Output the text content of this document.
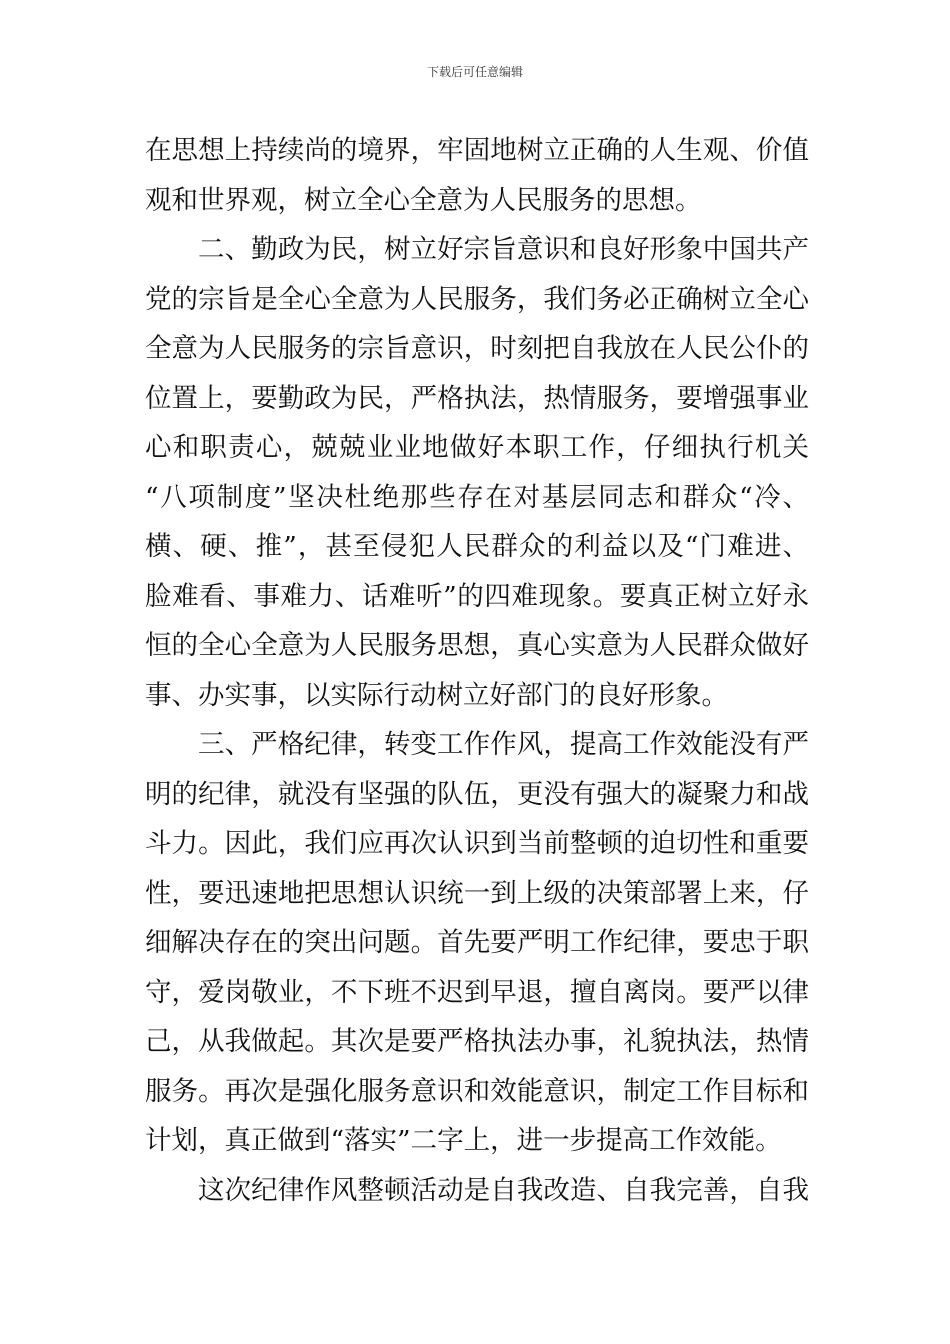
下载后可任意编辑
在思想上持续尚的境界，牢固地树立正确的人生观、价值
观和世界观，树立全心全意为人民服务的思想。
二、勤政为民，树立好宗旨意识和良好形象中国共产
党的宗旨是全心全意为人民服务，我们务必正确树立全心
全意为人民服务的宗旨意识，时刻把自我放在人民公仆的
位置上，要勤政为民，严格执法，热情服务，要增强事业
心和职责心，兢兢业业地做好本职工作，仔细执行机关
“八项制度”坚决杜绝那些存在对基层同志和群众“冷、
横、硬、推”，甚至侵犯人民群众的利益以及“门难进、
脸难看、事难力、话难听”的四难现象。要真正树立好永
恒的全心全意为人民服务思想，真心实意为人民群众做好
事、办实事，以实际行动树立好部门的良好形象。
三、严格纪律，转变工作作风，提高工作效能没有严
明的纪律，就没有坚强的队伍，更没有强大的凝聚力和战
斗力。因此，我们应再次认识到当前整顿的迫切性和重要
性，要迅速地把思想认识统一到上级的决策部署上来，仔
细解决存在的突出问题。首先要严明工作纪律，要忠于职
守，爱岗敬业，不下班不迟到早退，擅自离岗。要严以律
己，从我做起。其次是要严格执法办事，礼貌执法，热情
服务。再次是强化服务意识和效能意识，制定工作目标和
计划，真正做到“落实”二字上，进一步提高工作效能。
这次纪律作风整顿活动是自我改造、自我完善，自我
